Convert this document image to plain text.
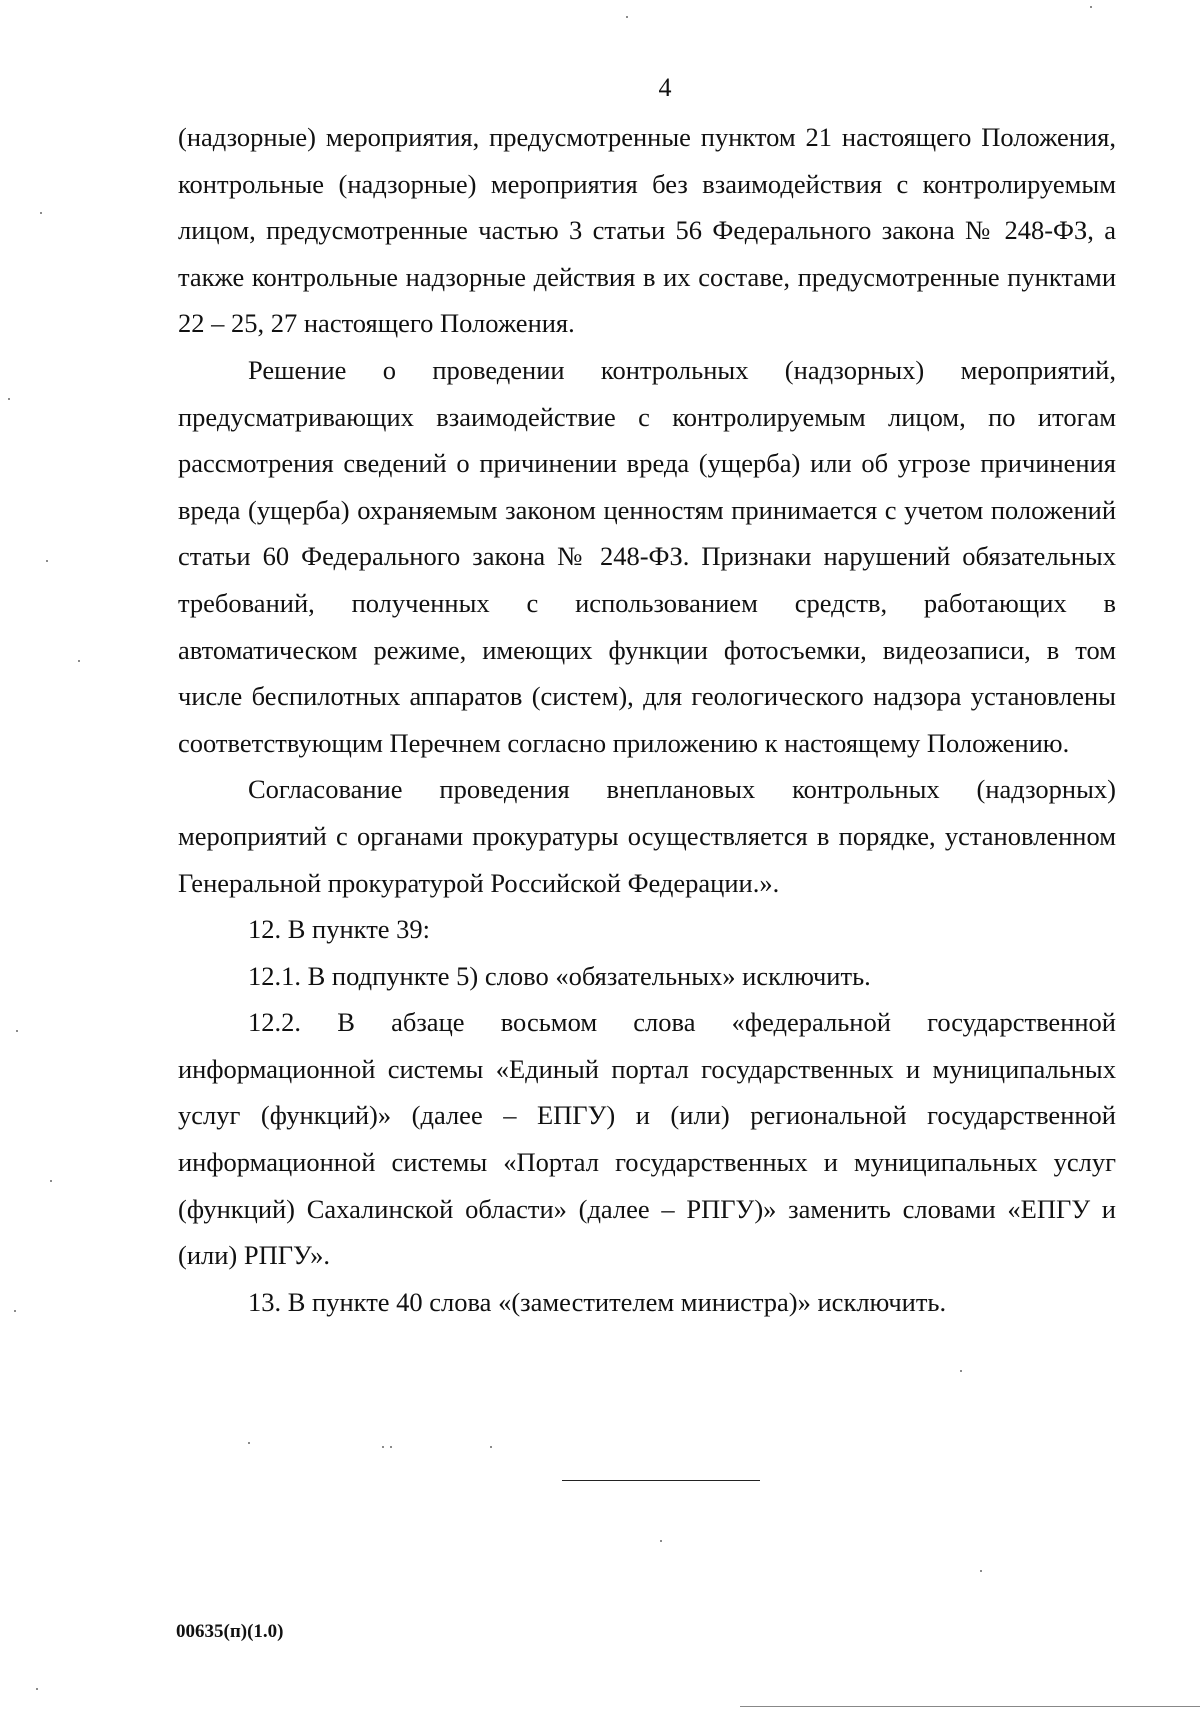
4

(надзорные) мероприятия, предусмотренные пунктом 21 настоящего Положения, контрольные (надзорные) мероприятия без взаимодействия с контролируемым лицом, предусмотренные частью 3 статьи 56 Федерального закона № 248-ФЗ, а также контрольные надзорные действия в их составе, предусмотренные пунктами 22 – 25, 27 настоящего Положения.

Решение о проведении контрольных (надзорных) мероприятий, предусматривающих взаимодействие с контролируемым лицом, по итогам рассмотрения сведений о причинении вреда (ущерба) или об угрозе причинения вреда (ущерба) охраняемым законом ценностям принимается с учетом положений статьи 60 Федерального закона № 248-ФЗ. Признаки нарушений обязательных требований, полученных с использованием средств, работающих в автоматическом режиме, имеющих функции фотосъемки, видеозаписи, в том числе беспилотных аппаратов (систем), для геологического надзора установлены соответствующим Перечнем согласно приложению к настоящему Положению.

Согласование проведения внеплановых контрольных (надзорных) мероприятий с органами прокуратуры осуществляется в порядке, установленном Генеральной прокуратурой Российской Федерации.».

12. В пункте 39:

12.1. В подпункте 5) слово «обязательных» исключить.

12.2. В абзаце восьмом слова «федеральной государственной информационной системы «Единый портал государственных и муниципальных услуг (функций)» (далее – ЕПГУ) и (или) региональной государственной информационной системы «Портал государственных и муниципальных услуг (функций) Сахалинской области» (далее – РПГУ)» заменить словами «ЕПГУ и (или) РПГУ».

13. В пункте 40 слова «(заместителем министра)» исключить.

00635(п)(1.0)
